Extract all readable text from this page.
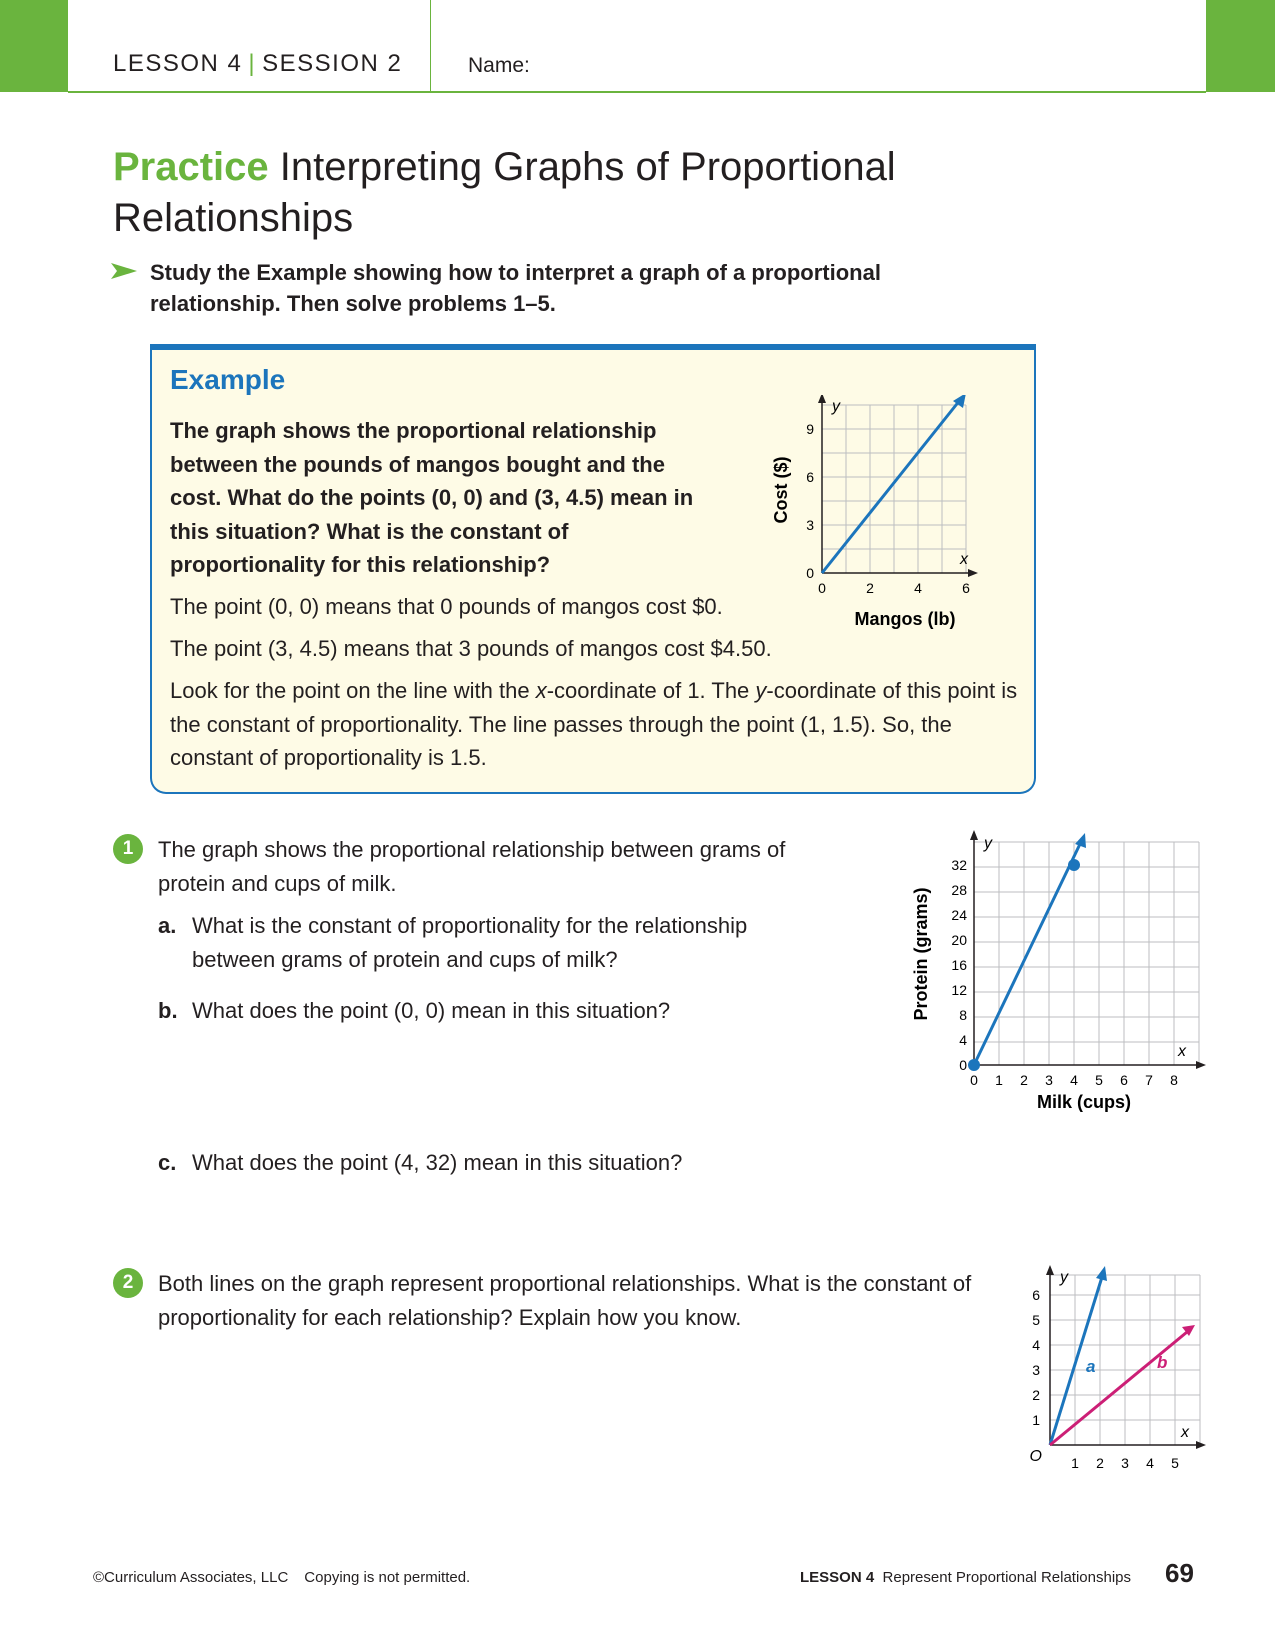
LESSON 4 | SESSION 2	Name:
Practice Interpreting Graphs of Proportional Relationships
Study the Example showing how to interpret a graph of a proportional relationship. Then solve problems 1–5.
Example
The graph shows the proportional relationship between the pounds of mangos bought and the cost. What do the points (0, 0) and (3, 4.5) mean in this situation? What is the constant of proportionality for this relationship?
The point (0, 0) means that 0 pounds of mangos cost $0.
The point (3, 4.5) means that 3 pounds of mangos cost $4.50.
Look for the point on the line with the x-coordinate of 1. The y-coordinate of this point is the constant of proportionality. The line passes through the point (1, 1.5). So, the constant of proportionality is 1.5.
y
x
0
3
6
9
0	2	4	6
Mangos (lb)
Cost ($)
1	The graph shows the proportional relationship between grams of protein and cups of milk.
a. What is the constant of proportionality for the relationship between grams of protein and cups of milk?
b. What does the point (0, 0) mean in this situation?
c. What does the point (4, 32) mean in this situation?
y
x
0
4
8
12
16
20
24
28
32
0 1 2 3 4 5 6 7 8
Milk (cups)
Protein (grams)
2	Both lines on the graph represent proportional relationships. What is the constant of proportionality for each relationship? Explain how you know.
a	b
y
x
O
1
2
3
4
5
6
1 2 3 4 5
©Curriculum Associates, LLC Copying is not permitted.	LESSON 4 Represent Proportional Relationships 69
